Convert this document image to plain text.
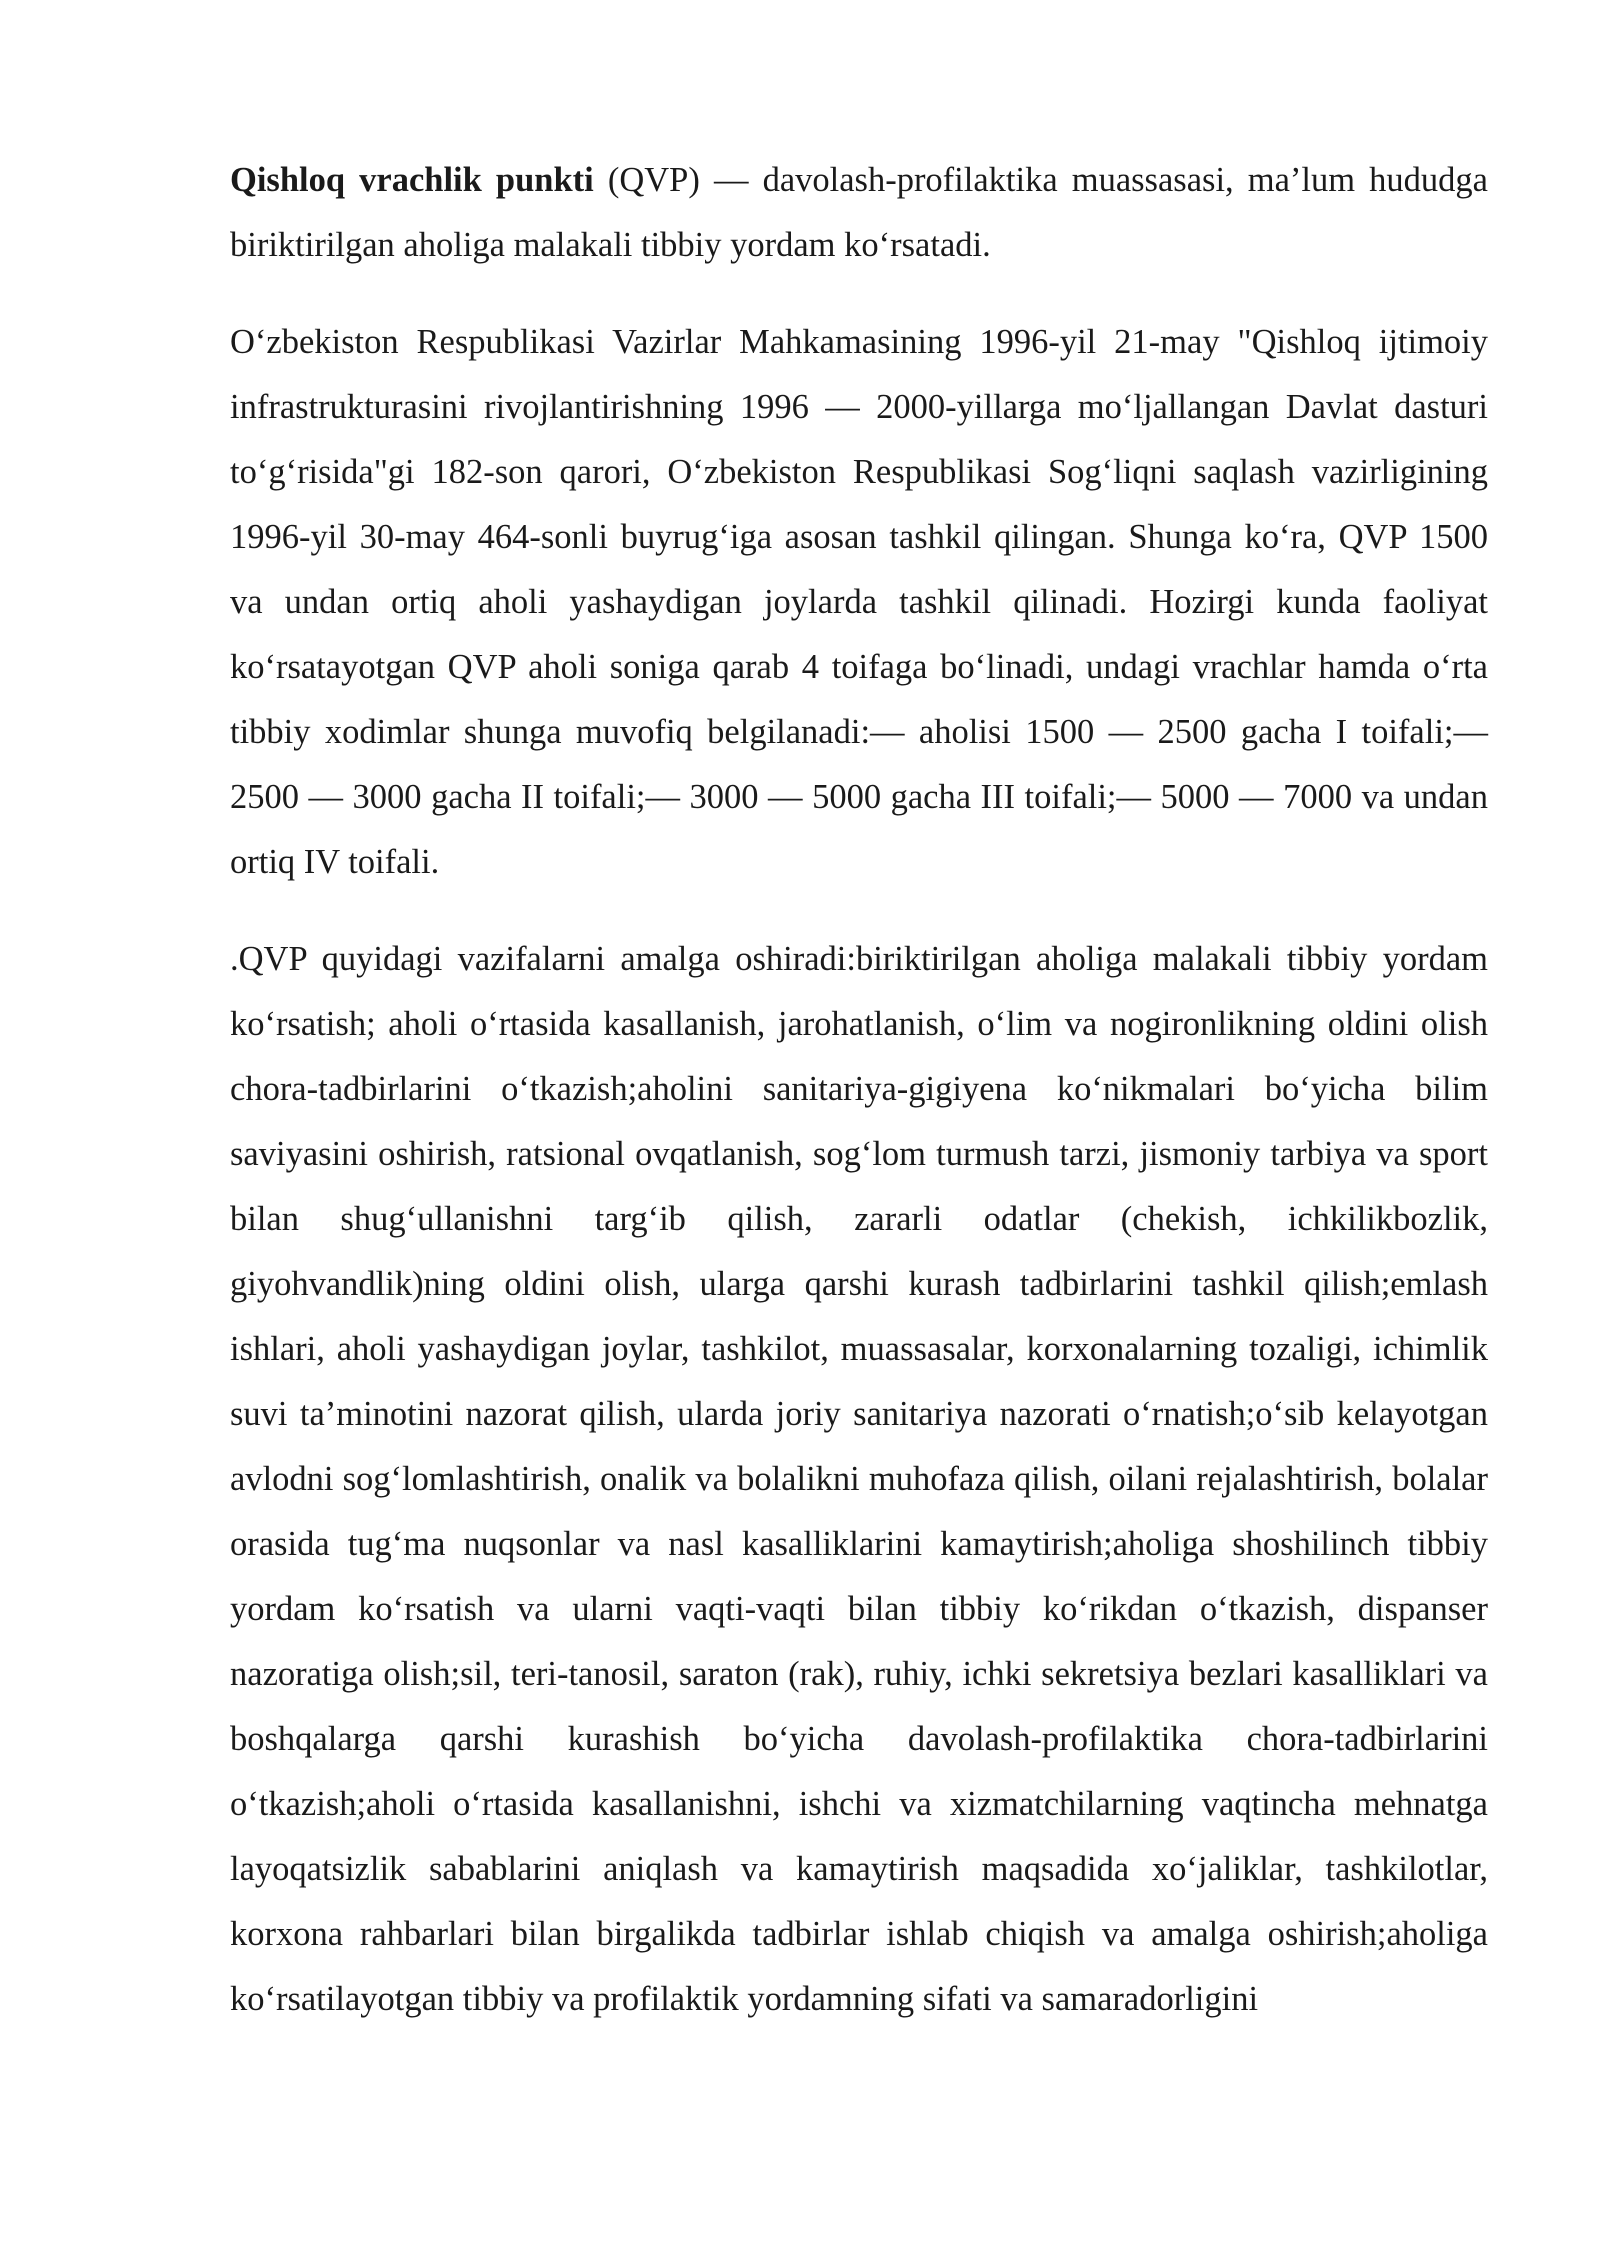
Qishloq vrachlik punkti (QVP) — davolash-profilaktika muassasasi, ma’lum hududga biriktirilgan aholiga malakali tibbiy yordam koʻrsatadi.

Oʻzbekiston Respublikasi Vazirlar Mahkamasining 1996-yil 21-may "Qishloq ijtimoiy infrastrukturasini rivojlantirishning 1996 — 2000-yillarga moʻljallangan Davlat dasturi toʻgʻrisida"gi 182-son qarori, Oʻzbekiston Respublikasi Sogʻliqni saqlash vazirligining 1996-yil 30-may 464-sonli buyrugʻiga asosan tashkil qilingan. Shunga koʻra, QVP 1500 va undan ortiq aholi yashaydigan joylarda tashkil qilinadi. Hozirgi kunda faoliyat koʻrsatayotgan QVP aholi soniga qarab 4 toifaga boʻlinadi, undagi vrachlar hamda oʻrta tibbiy xodimlar shunga muvofiq belgilanadi:— aholisi 1500 — 2500 gacha I toifali;— 2500 — 3000 gacha II toifali;— 3000 — 5000 gacha III toifali;— 5000 — 7000 va undan ortiq IV toifali.

.QVP quyidagi vazifalarni amalga oshiradi:biriktirilgan aholiga malakali tibbiy yordam koʻrsatish; aholi oʻrtasida kasallanish, jarohatlanish, oʻlim va nogironlikning oldini olish chora-tadbirlarini oʻtkazish;aholini sanitariya-gigiyena koʻnikmalari boʻyicha bilim saviyasini oshirish, ratsional ovqatlanish, sogʻlom turmush tarzi, jismoniy tarbiya va sport bilan shugʻullanishni targʻib qilish, zararli odatlar (chekish, ichkilikbozlik, giyohvandlik)ning oldini olish, ularga qarshi kurash tadbirlarini tashkil qilish;emlash ishlari, aholi yashaydigan joylar, tashkilot, muassasalar, korxonalarning tozaligi, ichimlik suvi ta’minotini nazorat qilish, ularda joriy sanitariya nazorati oʻrnatish;oʻsib kelayotgan avlodni sogʻlomlashtirish, onalik va bolalikni muhofaza qilish, oilani rejalashtirish, bolalar orasida tugʻma nuqsonlar va nasl kasalliklarini kamaytirish;aholiga shoshilinch tibbiy yordam koʻrsatish va ularni vaqti-vaqti bilan tibbiy koʻrikdan oʻtkazish, dispanser nazoratiga olish;sil, teri-tanosil, saraton (rak), ruhiy, ichki sekretsiya bezlari kasalliklari va boshqalarga qarshi kurashish boʻyicha davolash-profilaktika chora-tadbirlarini oʻtkazish;aholi oʻrtasida kasallanishni, ishchi va xizmatchilarning vaqtincha mehnatga layoqatsizlik sabablarini aniqlash va kamaytirish maqsadida xoʻjaliklar, tashkilotlar, korxona rahbarlari bilan birgalikda tadbirlar ishlab chiqish va amalga oshirish;aholiga koʻrsatilayotgan tibbiy va profilaktik yordamning sifati va samaradorligini
